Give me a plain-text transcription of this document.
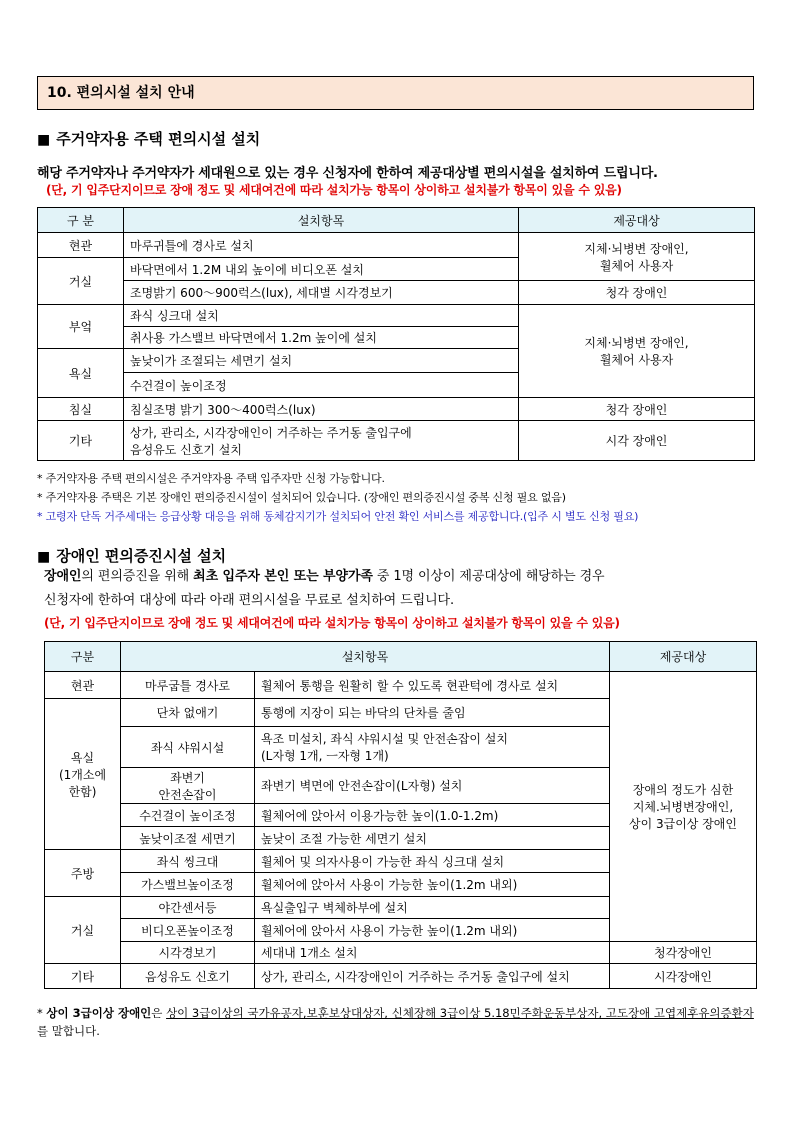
10. 편의시설 설치 안내
■ 주거약자용 주택 편의시설 설치
해당 주거약자나 주거약자가 세대원으로 있는 경우 신청자에 한하여 제공대상별 편의시설을 설치하여 드립니다.
(단, 기 입주단지이므로 장애 정도 및 세대여건에 따라 설치가능 항목이 상이하고 설치불가 항목이 있을 수 있음)
구 분	설치항목	제공대상
현관	마루귀틀에 경사로 설치	지체·뇌병변 장애인,
휠체어 사용자

거실	바닥면에서 1.2M 내외 높이에 비디오폰 설치	
	조명밝기 600～900럭스(lux), 세대별 시각경보기	청각 장애인
부엌	좌식 싱크대 설치	지체·뇌병변 장애인,
휠체어 사용자

	취사용 가스밸브 바닥면에서 1.2m 높이에 설치	
욕실	높낮이가 조절되는 세면기 설치	
	수건걸이 높이조정	
침실	침실조명 밝기 300～400럭스(lux)	청각 장애인
기타	상가, 관리소, 시각장애인이 거주하는 주거동 출입구에
음성유도 신호기 설치	시각 장애인
* 주거약자용 주택 편의시설은 주거약자용 주택 입주자만 신청 가능합니다.
* 주거약자용 주택은 기본 장애인 편의증진시설이 설치되어 있습니다. (장애인 편의증진시설 중복 신청 필요 없음)
* 고령자 단독 거주세대는 응급상황 대응을 위해 동체감지기가 설치되어 안전 확인 서비스를 제공합니다.(입주 시 별도 신청 필요)
■ 장애인 편의증진시설 설치
장애인의 편의증진을 위해 최초 입주자 본인 또는 부양가족 중 1명 이상이 제공대상에 해당하는 경우
신청자에 한하여 대상에 따라 아래 편의시설을 무료로 설치하여 드립니다.
(단, 기 입주단지이므로 장애 정도 및 세대여건에 따라 설치가능 항목이 상이하고 설치불가 항목이 있을 수 있음)
구분	설치항목		제공대상
현관	마루굽틀 경사로	휠체어 통행을 원활히 할 수 있도록 현관턱에 경사로 설치	장애의 정도가 심한
지체.뇌병변장애인,
상이 3급이상 장애인

욕실
(1개소에
한함)	단차 없애기	통행에 지장이 되는 바닥의 단차를 줄임	
	좌식 샤워시설	욕조 미설치, 좌식 샤워시설 및 안전손잡이 설치
(L자형 1개, ㅡ자형 1개)	

	좌변기
안전손잡이	좌변기 벽면에 안전손잡이(L자형) 설치	
	수건걸이 높이조정	휠체어에 앉아서 이용가능한 높이(1.0-1.2m)	
	높낮이조절 세면기	높낮이 조절 가능한 세면기 설치	
주방	좌식 씽크대	휠체어 및 의자사용이 가능한 좌식 싱크대 설치	
	가스밸브높이조정	휠체어에 앉아서 사용이 가능한 높이(1.2m 내외)	
거실	야간센서등	욕실출입구 벽체하부에 설치	
	비디오폰높이조정	휠체어에 앉아서 사용이 가능한 높이(1.2m 내외)	
	시각경보기	세대내 1개소 설치	청각장애인
기타	음성유도 신호기	상가, 관리소, 시각장애인이 거주하는 주거동 출입구에 설치	시각장애인
* 상이 3급이상 장애인은 상이 3급이상의 국가유공자,보훈보상대상자, 신체장해 3급이상 5.18민주화운동부상자, 고도장애 고엽제후유의증환자를 말합니다.
